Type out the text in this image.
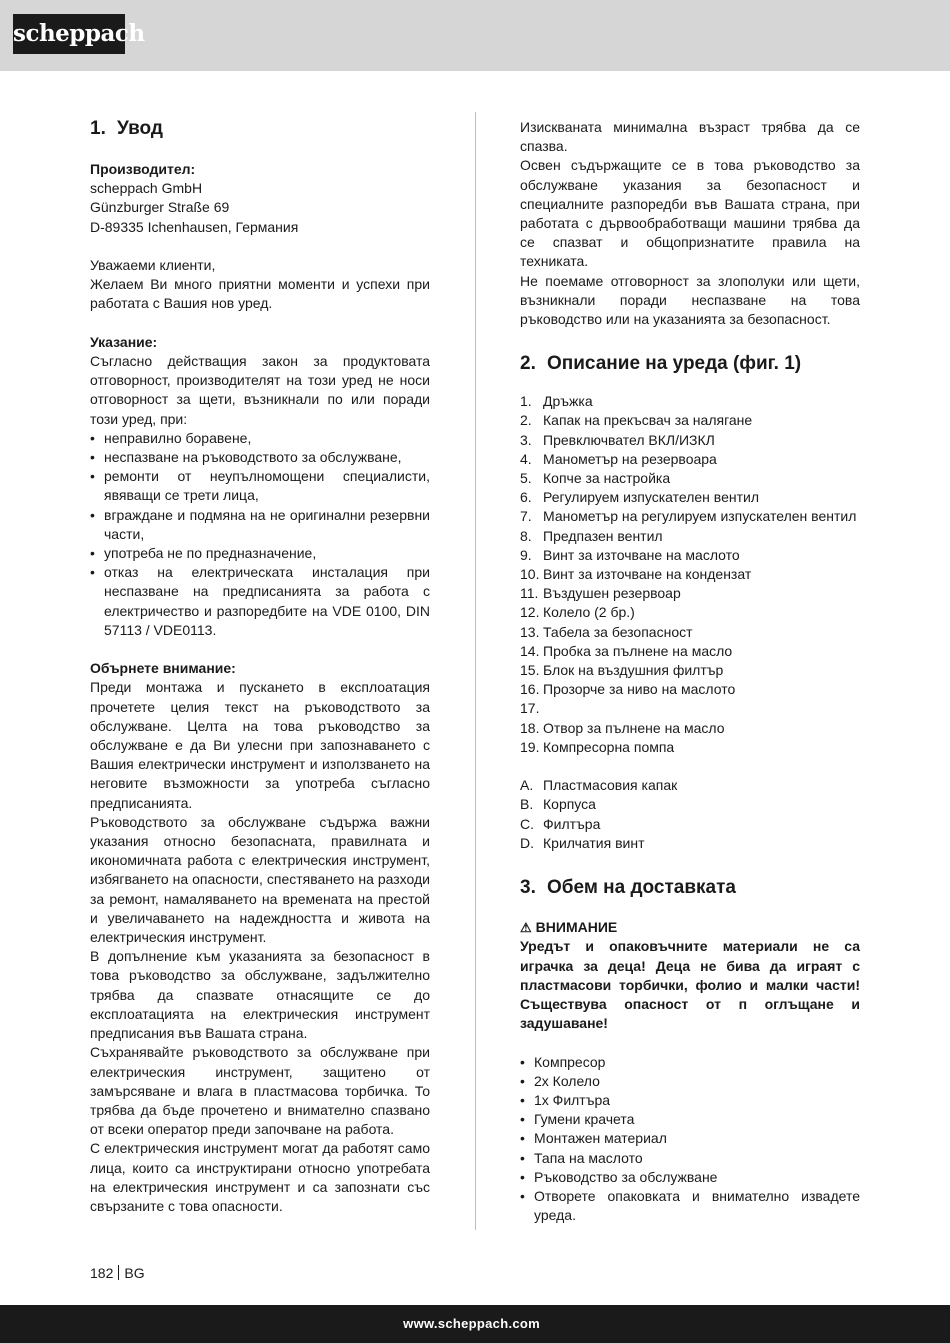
scheppach
1. Увод

Производител:

scheppach GmbH

Günzburger Straße 69

D-89335 Ichenhausen, Германия

Уважаеми клиенти,

Желаем Ви много приятни моменти и успехи при работата с Вашия нов уред.

Указание:

Съгласно действащия закон за продуктовата отговорност, производителят на този уред не носи отговорност за щети, възникнали по или поради този уред, при:

• неправилно боравене,
• неспазване на ръководството за обслужване,
• ремонти от неупълномощени специалисти, явяващи се трети лица,
• вграждане и подмяна на не оригинални резервни части,
• употреба не по предназначение,
• отказ на електрическата инсталация при неспазване на предписанията за работа с електричество и разпоредбите на VDE 0100, DIN 57113 / VDE0113.

Обърнете внимание:

Преди монтажа и пускането в експлоатация прочетете целия текст на ръководството за обслужване. Целта на това ръководство за обслужване е да Ви улесни при запознаването с Вашия електрически инструмент и използването на неговите възможности за употреба съгласно предписанията.

Ръководството за обслужване съдържа важни указания относно безопасната, правилната и икономичната работа с електрическия инструмент, избягването на опасности, спестяването на разходи за ремонт, намаляването на времената на престой и увеличаването на надеждността и живота на електрическия инструмент.

В допълнение към указанията за безопасност в това ръководство за обслужване, задължително трябва да спазвате отнасящите се до експлоатацията на електрическия инструмент предписания във Вашата страна.

Съхранявайте ръководството за обслужване при електрическия инструмент, защитено от замърсяване и влага в пластмасова торбичка. То трябва да бъде прочетено и внимателно спазвано от всеки оператор преди започване на работа.

С електрическия инструмент могат да работят само лица, които са инструктирани относно употребата на електрическия инструмент и са запознати със свързаните с това опасности.

Изискваната минимална възраст трябва да се спазва.

Освен съдържащите се в това ръководство за обслужване указания за безопасност и специалните разпоредби във Вашата страна, при работата с дървообработващи машини трябва да се спазват и общопризнатите правила на техниката.

Не поемаме отговорност за злополуки или щети, възникнали поради неспазване на това ръководство или на указанията за безопасност.

2. Описание на уреда (фиг. 1)
1. Дръжка
2. Капак на прекъсвач за налягане
3. Превключвател ВКЛ/ИЗКЛ
4. Манометър на резервоара
5. Копче за настройка
6. Регулируем изпускателен вентил
7. Манометър на регулируем изпускателен вентил
8. Предпазен вентил
9. Винт за източване на маслото
10. Винт за източване на кондензат
11. Въздушен резервоар
12. Колело (2 бр.)
13. Табела за безопасност
14. Пробка за пълнене на масло
15. Блок на въздушния филтър
16. Прозорче за ниво на маслото
17.
18. Отвор за пълнене на масло
19. Компресорна помпа
A. Пластмасовия капак
B. Корпуса
C. Филтъра
D. Крилчатия винт
3. Обем на доставката
⚠ ВНИМАНИЕ

Уредът и опаковъчните материали не са играчка за деца! Деца не бива да играят с пластмасови торбички, фолио и малки части! Съществува опасност от п оглъщане и задушаване!

• Компресор
• 2x Колело
• 1x Филтъра
• Гумени крачета
• Монтажен материал
• Тапа на маслото
• Ръководство за обслужване
• Отворете опаковката и внимателно извадете уреда.
182 BG
www.scheppach.com
